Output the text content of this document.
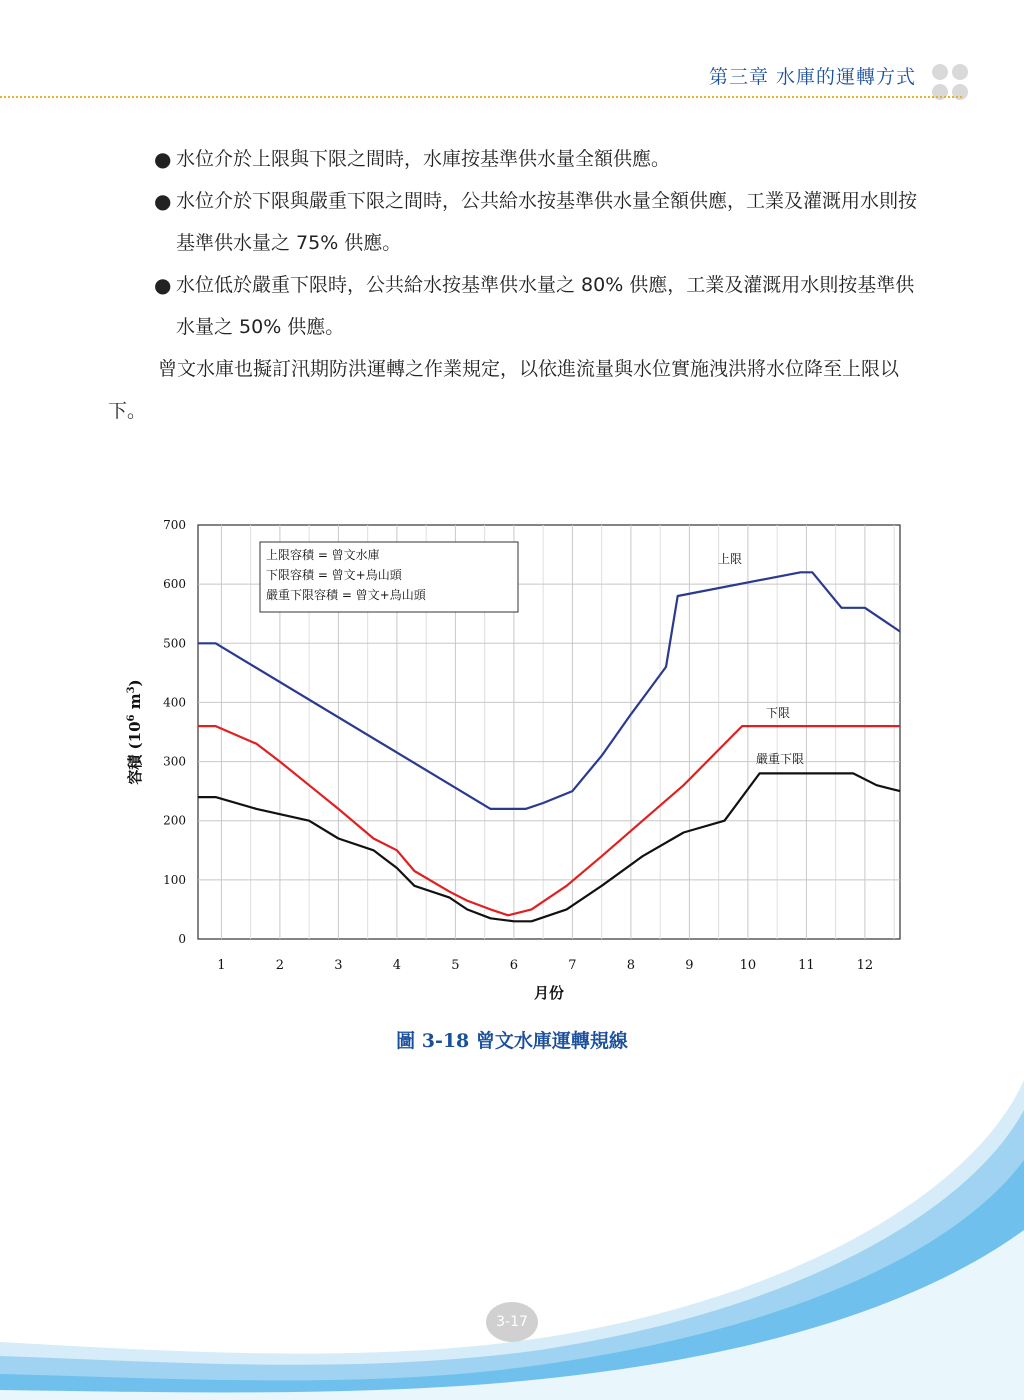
第三章 水庫的運轉方式
● 水位介於上限與下限之間時，水庫按基準供水量全額供應。
● 水位介於下限與嚴重下限之間時，公共給水按基準供水量全額供應，工業及灌溉用水則按基準供水量之 75% 供應。
● 水位低於嚴重下限時，公共給水按基準供水量之 80% 供應，工業及灌溉用水則按基準供水量之 50% 供應。
曾文水庫也擬訂汛期防洪運轉之作業規定，以依進流量與水位實施洩洪將水位降至上限以下。
0
100
200
300
400
500
600
700
1	2	3	4	5	6	7	8	9	10	11	12
上限容積 = 曾文水庫
下限容積 = 曾文+烏山頭
嚴重下限容積 = 曾文+烏山頭
上限
下限
嚴重下限
月份
容積 ($10^6$ $m^3$)
圖 3-18 曾文水庫運轉規線
3-17
